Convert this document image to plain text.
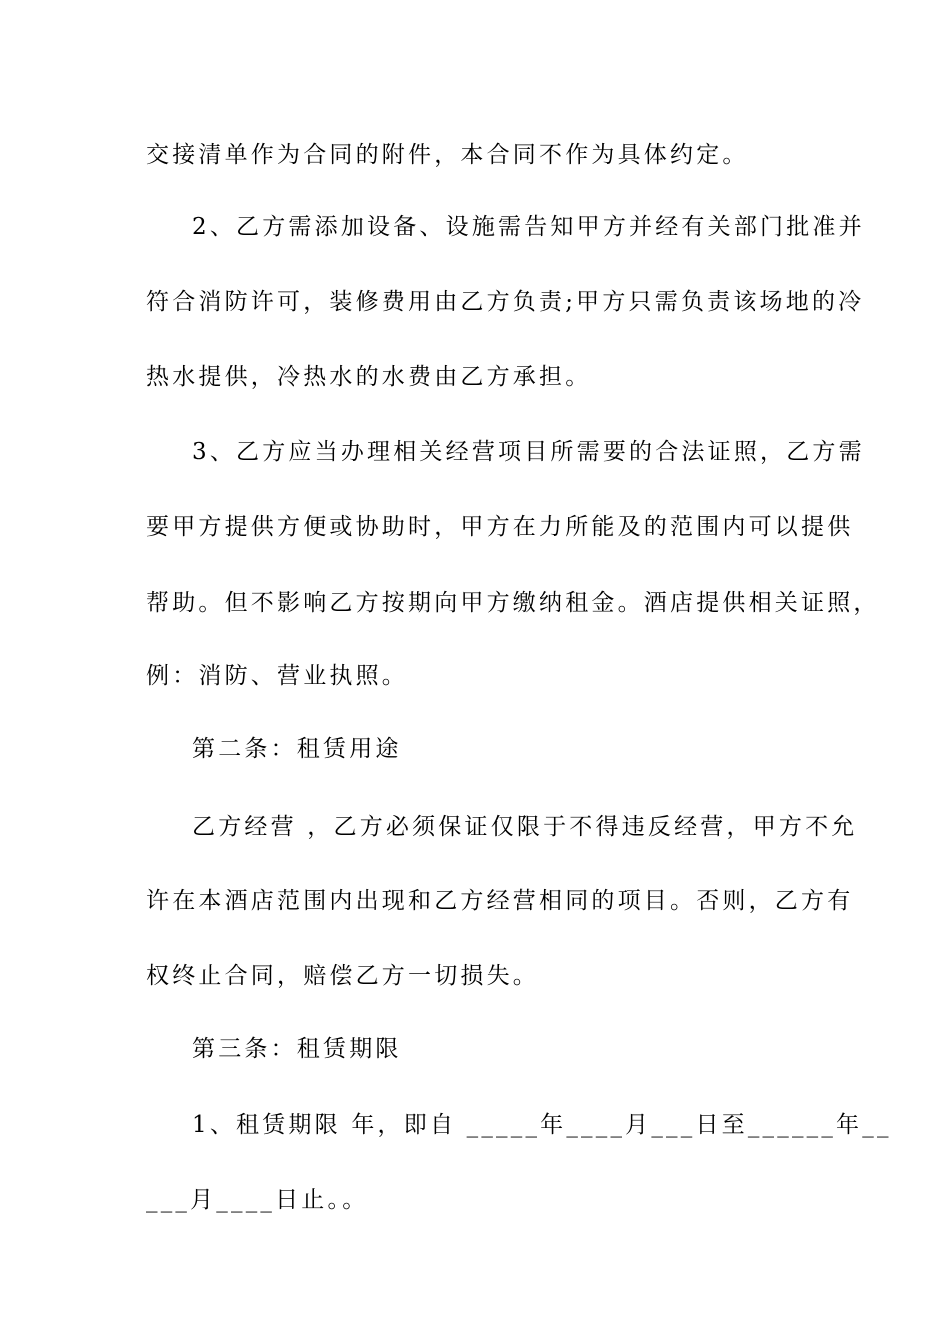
交接清单作为合同的附件，本合同不作为具体约定。
2、乙方需添加设备、设施需告知甲方并经有关部门批准并
符合消防许可，装修费用由乙方负责;甲方只需负责该场地的冷
热水提供，冷热水的水费由乙方承担。
3、乙方应当办理相关经营项目所需要的合法证照，乙方需
要甲方提供方便或协助时，甲方在力所能及的范围内可以提供
帮助。但不影响乙方按期向甲方缴纳租金。酒店提供相关证照，
例：消防、营业执照。
第二条：租赁用途
乙方经营 ，乙方必须保证仅限于不得违反经营，甲方不允
许在本酒店范围内出现和乙方经营相同的项目。否则，乙方有
权终止合同，赔偿乙方一切损失。
第三条：租赁期限
1、租赁期限 年，即自 _____年____月___日至______年__
___月____日止。。
